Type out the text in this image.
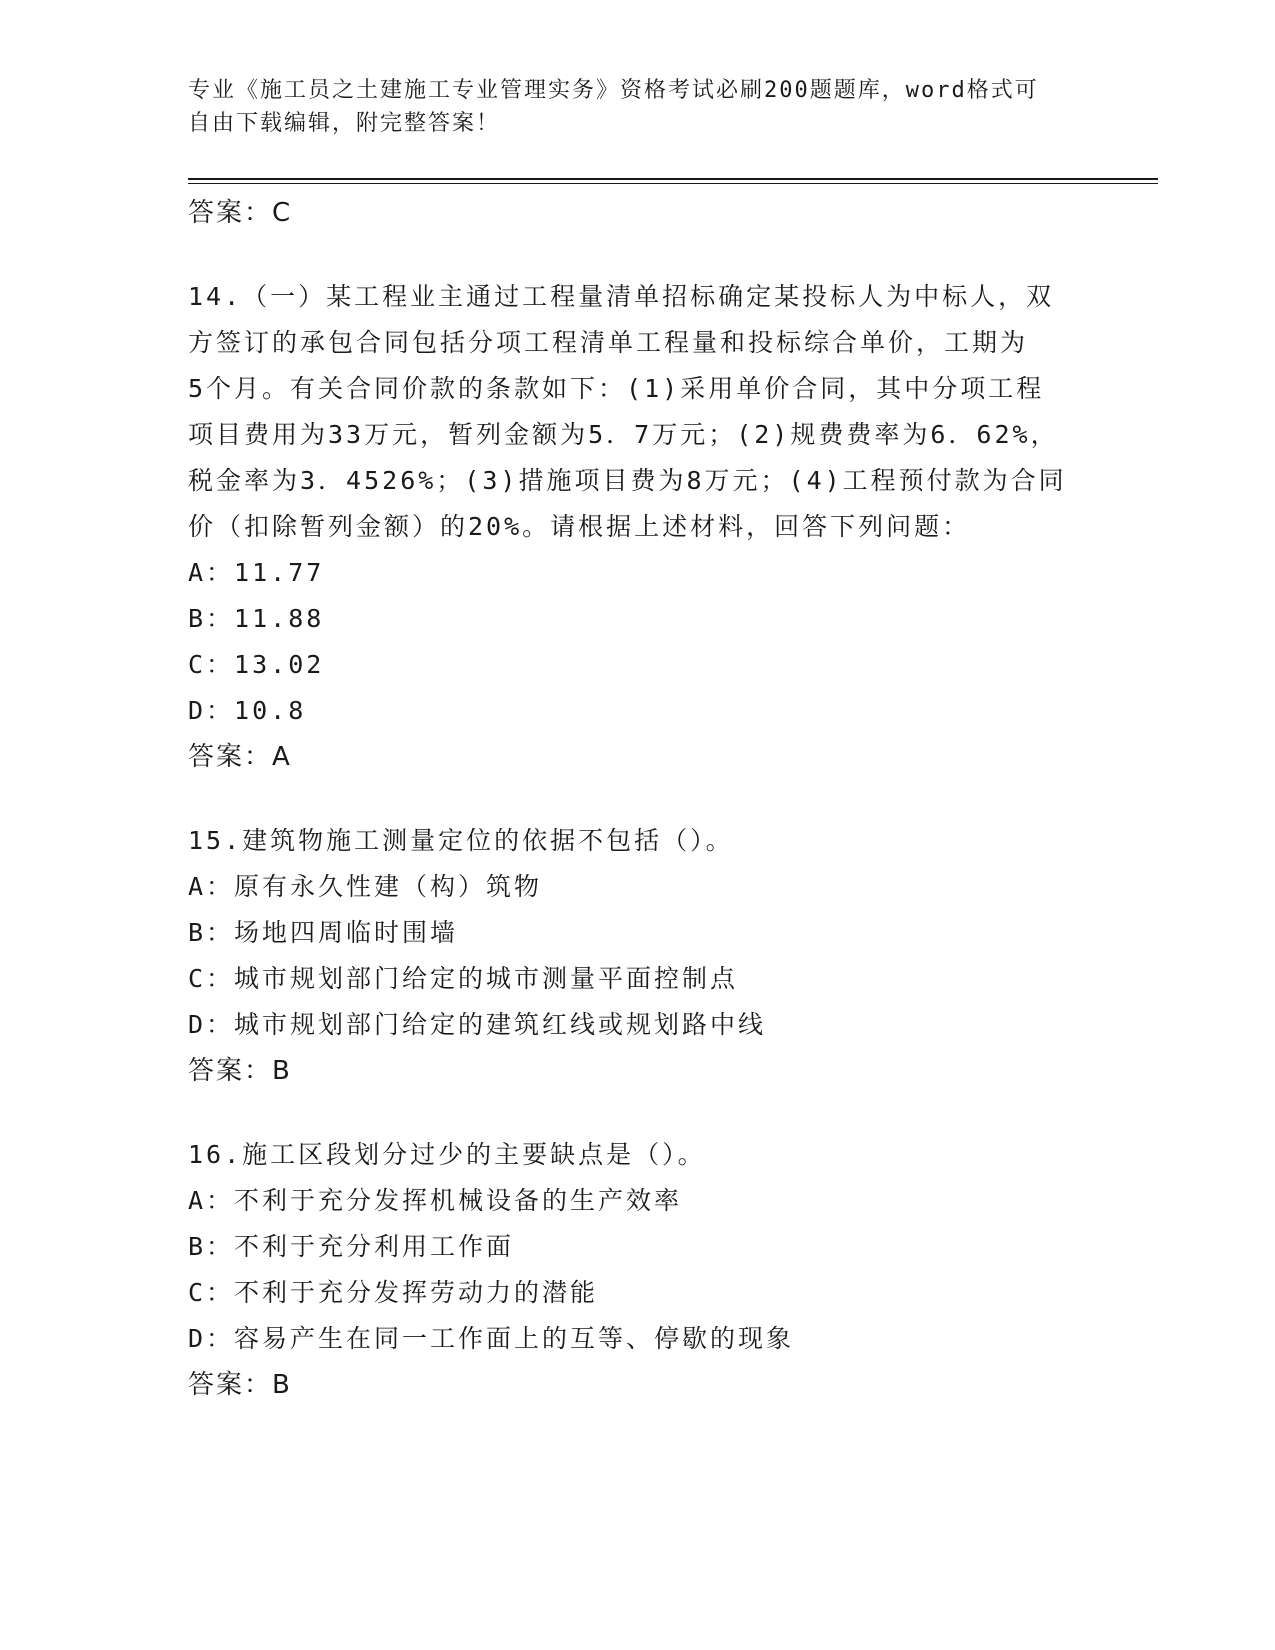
专业《施工员之土建施工专业管理实务》资格考试必刷200题题库，word格式可
自由下载编辑，附完整答案！
答案：C
14.（一）某工程业主通过工程量清单招标确定某投标人为中标人，双
方签订的承包合同包括分项工程清单工程量和投标综合单价，工期为
5个月。有关合同价款的条款如下：(1)采用单价合同，其中分项工程
项目费用为33万元，暂列金额为5．7万元；(2)规费费率为6．62%，
税金率为3．4526%；(3)措施项目费为8万元；(4)工程预付款为合同
价（扣除暂列金额）的20%。请根据上述材料，回答下列问题：
A：11.77
B：11.88
C：13.02
D：10.8
答案：A
15.建筑物施工测量定位的依据不包括（）。
A：原有永久性建（构）筑物
B：场地四周临时围墙
C：城市规划部门给定的城市测量平面控制点
D：城市规划部门给定的建筑红线或规划路中线
答案：B
16.施工区段划分过少的主要缺点是（）。
A：不利于充分发挥机械设备的生产效率
B：不利于充分利用工作面
C：不利于充分发挥劳动力的潜能
D：容易产生在同一工作面上的互等、停歇的现象
答案：B
